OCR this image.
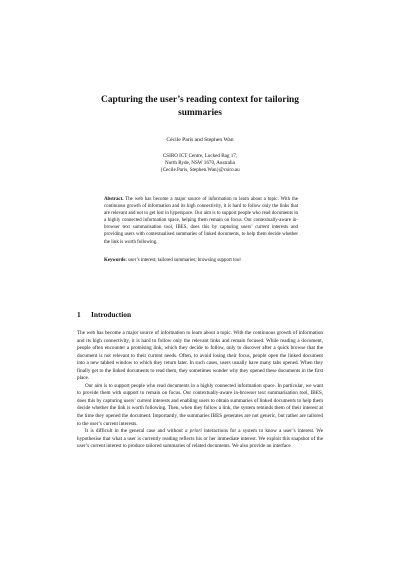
Capturing the user’s reading context for tailoring summaries
Cécile Paris and Stephen Wan
CSIRO ICT Centre, Locked Bag 17,
North Ryde, NSW 1670, Australia
{Cecile.Paris, Stephen.Wan}@csiro.au
Abstract. The web has become a major source of information to learn about a topic. With the continuous growth of information and its high connectivity, it is hard to follow only the links that are relevant and not to get lost in hyperspace. Our aim is to support people who read documents in a highly connected information space, helping them remain on focus. Our contextually-aware in-browser text summarisation tool, IBES, does this by capturing users’ current interests and providing users with contextualised summaries of linked documents, to help them decide whether the link is worth following.
Keywords: user’s interest; tailored summaries; browsing support tool
1 Introduction

The web has become a major source of information to learn about a topic. With the continuous growth of information and its high connectivity, it is hard to follow only the relevant links and remain focused. While reading a document, people often encounter a promising link, which they decide to follow, only to discover after a quick browse that the document is not relevant to their current needs. Often, to avoid losing their focus, people open the linked document into a new tabbed window to which they return later. In such cases, users usually have many tabs opened. When they finally get to the linked documents to read them, they sometimes wonder why they opened these documents in the first place.

Our aim is to support people who read documents in a highly connected information space. In particular, we want to provide them with support to remain on focus. Our contextually-aware in-browser text summarisation tool, IBES, does this by capturing users’ current interests and enabling users to obtain summaries of linked documents to help them decide whether the link is worth following. Then, when they follow a link, the system reminds them of their interest at the time they opened the document. Importantly, the summaries IBES generates are not generic, but rather are tailored to the user’s current interests.

It is difficult in the general case and without a priori interactions for a system to know a user’s interest. We hypothesise that what a user is currently reading reflects his or her immediate interest. We exploit this snapshot of the user’s current interest to produce tailored summaries of related documents. We also provide an interface
